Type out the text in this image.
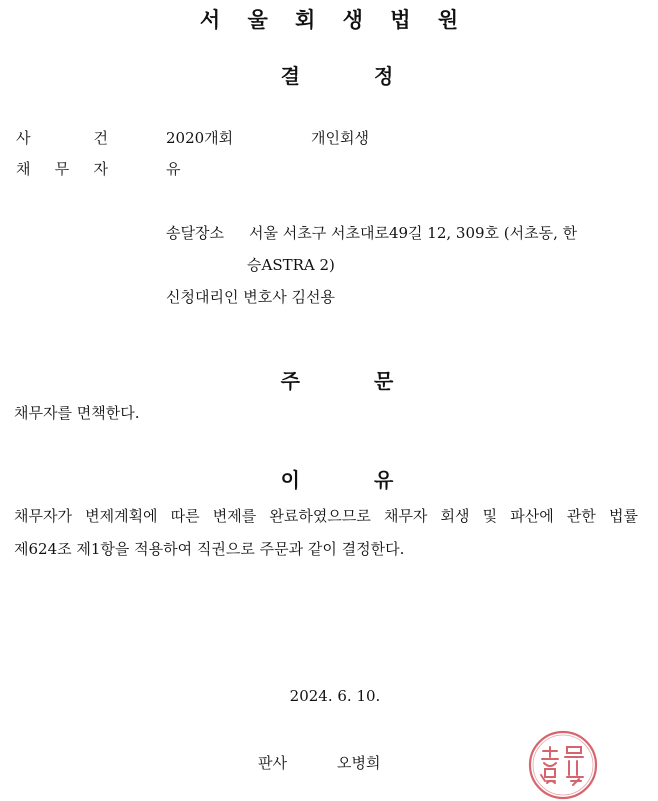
서 울 회 생 법 원
결	정
사	건	2020개회	개인회생
채 무 자	유
송달장소 서울 서초구 서초대로49길 12, 309호 (서초동, 한
승ASTRA 2)
신청대리인 변호사 김선용
주	문
채무자를 면책한다.
이	유
채무자가 변제계획에 따른 변제를 완료하였으므로 채무자 회생 및 파산에 관한 법률
제624조 제1항을 적용하여 직권으로 주문과 같이 결정한다.
2024. 6. 10.
판사	오병희
